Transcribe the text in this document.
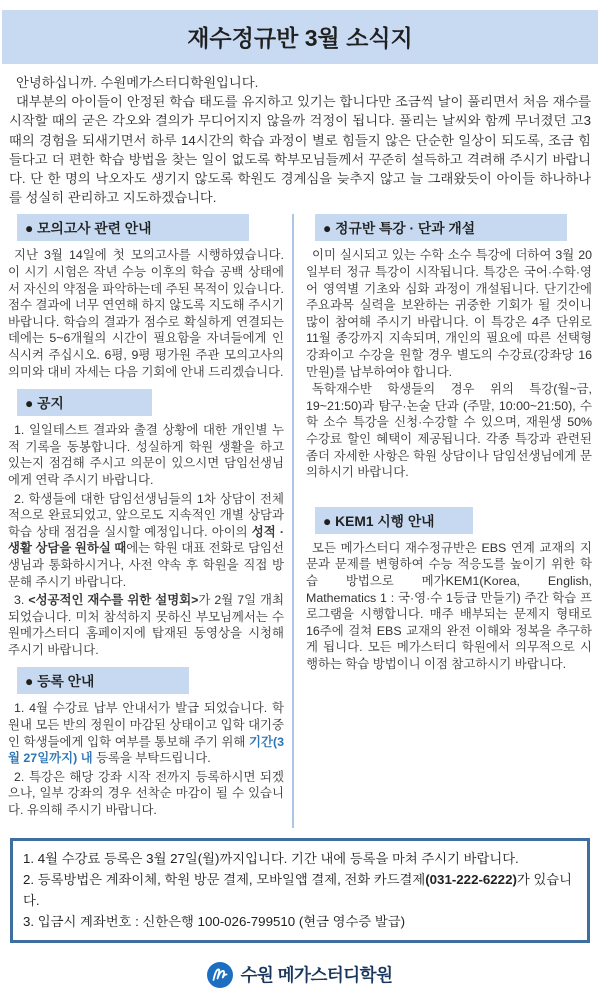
재수정규반 3월 소식지

안녕하십니까. 수원메가스터디학원입니다.

대부분의 아이들이 안정된 학습 태도를 유지하고 있기는 합니다만 조금씩 날이 풀리면서 처음 재수를 시작할 때의 굳은 각오와 결의가 무디어지지 않을까 걱정이 됩니다. 풀리는 날씨와 함께 무너졌던 고3때의 경험을 되새기면서 하루 14시간의 학습 과정이 별로 힘들지 않은 단순한 일상이 되도록, 조금 힘들다고 더 편한 학습 방법을 찾는 일이 없도록 학부모님들께서 꾸준히 설득하고 격려해 주시기 바랍니다. 단 한 명의 낙오자도 생기지 않도록 학원도 경계심을 늦추지 않고 늘 그래왔듯이 아이들 하나하나를 성실히 관리하고 지도하겠습니다.

● 모의고사 관련 안내

지난 3월 14일에 첫 모의고사를 시행하였습니다. 이 시기 시험은 작년 수능 이후의 학습 공백 상태에서 자신의 약점을 파악하는데 주된 목적이 있습니다. 점수 결과에 너무 연연해 하지 않도록 지도해 주시기 바랍니다. 학습의 결과가 점수로 확실하게 연결되는 데에는 5~6개월의 시간이 필요함을 자녀들에게 인식시켜 주십시오. 6평, 9평 평가원 주관 모의고사의 의미와 대비 자세는 다음 기회에 안내 드리겠습니다.

● 공지

1. 일일테스트 결과와 출결 상황에 대한 개인별 누적 기록을 동봉합니다. 성실하게 학원 생활을 하고 있는지 점검해 주시고 의문이 있으시면 담임선생님에게 연락 주시기 바랍니다.

2. 학생들에 대한 담임선생님들의 1차 상담이 전체적으로 완료되었고, 앞으로도 지속적인 개별 상담과 학습 상태 점검을 실시할 예정입니다. 아이의 성적 · 생활 상담을 원하실 때에는 학원 대표 전화로 담임선생님과 통화하시거나, 사전 약속 후 학원을 직접 방문해 주시기 바랍니다.

3. <성공적인 재수를 위한 설명회>가 2월 7일 개최되었습니다. 미처 참석하지 못하신 부모님께서는 수원메가스터디 홈페이지에 탑재된 동영상을 시청해 주시기 바랍니다.

● 등록 안내

1. 4월 수강료 납부 안내서가 발급 되었습니다. 학원내 모든 반의 정원이 마감된 상태이고 입학 대기중인 학생들에게 입학 여부를 통보해 주기 위해 기간(3월 27일까지) 내 등록을 부탁드립니다.

2. 특강은 해당 강좌 시작 전까지 등록하시면 되겠으나, 일부 강좌의 경우 선착순 마감이 될 수 있습니다. 유의해 주시기 바랍니다.

● 정규반 특강 · 단과 개설

이미 실시되고 있는 수학 소수 특강에 더하여 3월 20일부터 정규 특강이 시작됩니다. 특강은 국어·수학·영어 영역별 기초와 심화 과정이 개설됩니다. 단기간에 주요과목 실력을 보완하는 귀중한 기회가 될 것이니 많이 참여해 주시기 바랍니다. 이 특강은 4주 단위로 11월 종강까지 지속되며, 개인의 필요에 따른 선택형 강좌이고 수강을 원할 경우 별도의 수강료(강좌당 16만원)를 납부하여야 합니다.

독학재수반 학생들의 경우 위의 특강(월~금, 19~21:50)과 탐구·논술 단과 (주말, 10:00~21:50), 수학 소수 특강을 신청·수강할 수 있으며, 재원생 50% 수강료 할인 혜택이 제공됩니다. 각종 특강과 관련된 좀더 자세한 사항은 학원 상담이나 담임선생님에게 문의하시기 바랍니다.

● KEM1 시행 안내

모든 메가스터디 재수정규반은 EBS 연계 교재의 지문과 문제를 변형하여 수능 적응도를 높이기 위한 학습 방법으로 메가KEM1(Korea, English, Mathematics 1 : 국·영·수 1등급 만들기) 주간 학습 프로그램을 시행합니다. 매주 배부되는 문제지 형태로 16주에 걸쳐 EBS 교재의 완전 이해와 정복을 추구하게 됩니다. 모든 메가스터디 학원에서 의무적으로 시행하는 학습 방법이니 이점 참고하시기 바랍니다.

1. 4월 수강료 등록은 3월 27일(월)까지입니다. 기간 내에 등록을 마쳐 주시기 바랍니다.

2. 등록방법은 계좌이체, 학원 방문 결제, 모바일앱 결제, 전화 카드결제(031-222-6222)가 있습니다.

3. 입금시 계좌번호 : 신한은행 100-026-799510 (현금 영수증 발급)

수원 메가스터디학원
